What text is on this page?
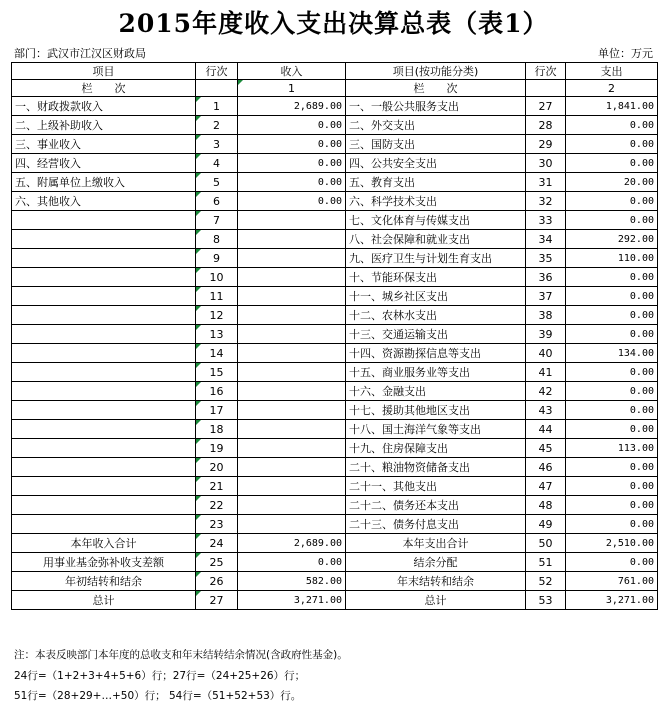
2015年度收入支出决算总表（表1）
部门：武汉市江汉区财政局	单位：万元
项目	行次	收入	项目(按功能分类)	行次	支出
栏　　次		1	栏　　次		2
一、财政拨款收入	1	2,689.00	一、一般公共服务支出	27	1,841.00
二、上级补助收入	2	0.00	二、外交支出	28	0.00
三、事业收入	3	0.00	三、国防支出	29	0.00
四、经营收入	4	0.00	四、公共安全支出	30	0.00
五、附属单位上缴收入	5	0.00	五、教育支出	31	20.00
六、其他收入	6	0.00	六、科学技术支出	32	0.00
	7		七、文化体育与传媒支出	33	0.00
	8		八、社会保障和就业支出	34	292.00
	9		九、医疗卫生与计划生育支出	35	110.00
	10		十、节能环保支出	36	0.00
	11		十一、城乡社区支出	37	0.00
	12		十二、农林水支出	38	0.00
	13		十三、交通运输支出	39	0.00
	14		十四、资源勘探信息等支出	40	134.00
	15		十五、商业服务业等支出	41	0.00
	16		十六、金融支出	42	0.00
	17		十七、援助其他地区支出	43	0.00
	18		十八、国土海洋气象等支出	44	0.00
	19		十九、住房保障支出	45	113.00
	20		二十、粮油物资储备支出	46	0.00
	21		二十一、其他支出	47	0.00
	22		二十二、债务还本支出	48	0.00
	23		二十三、债务付息支出	49	0.00
本年收入合计	24	2,689.00	本年支出合计	50	2,510.00
用事业基金弥补收支差额	25	0.00	结余分配	51	0.00
年初结转和结余	26	582.00	年末结转和结余	52	761.00
总计	27	3,271.00	总计	53	3,271.00
注：本表反映部门本年度的总收支和年末结转结余情况(含政府性基金)。
24行=（1+2+3+4+5+6）行；27行=（24+25+26）行；
51行=（28+29+…+50）行； 54行=（51+52+53）行。
